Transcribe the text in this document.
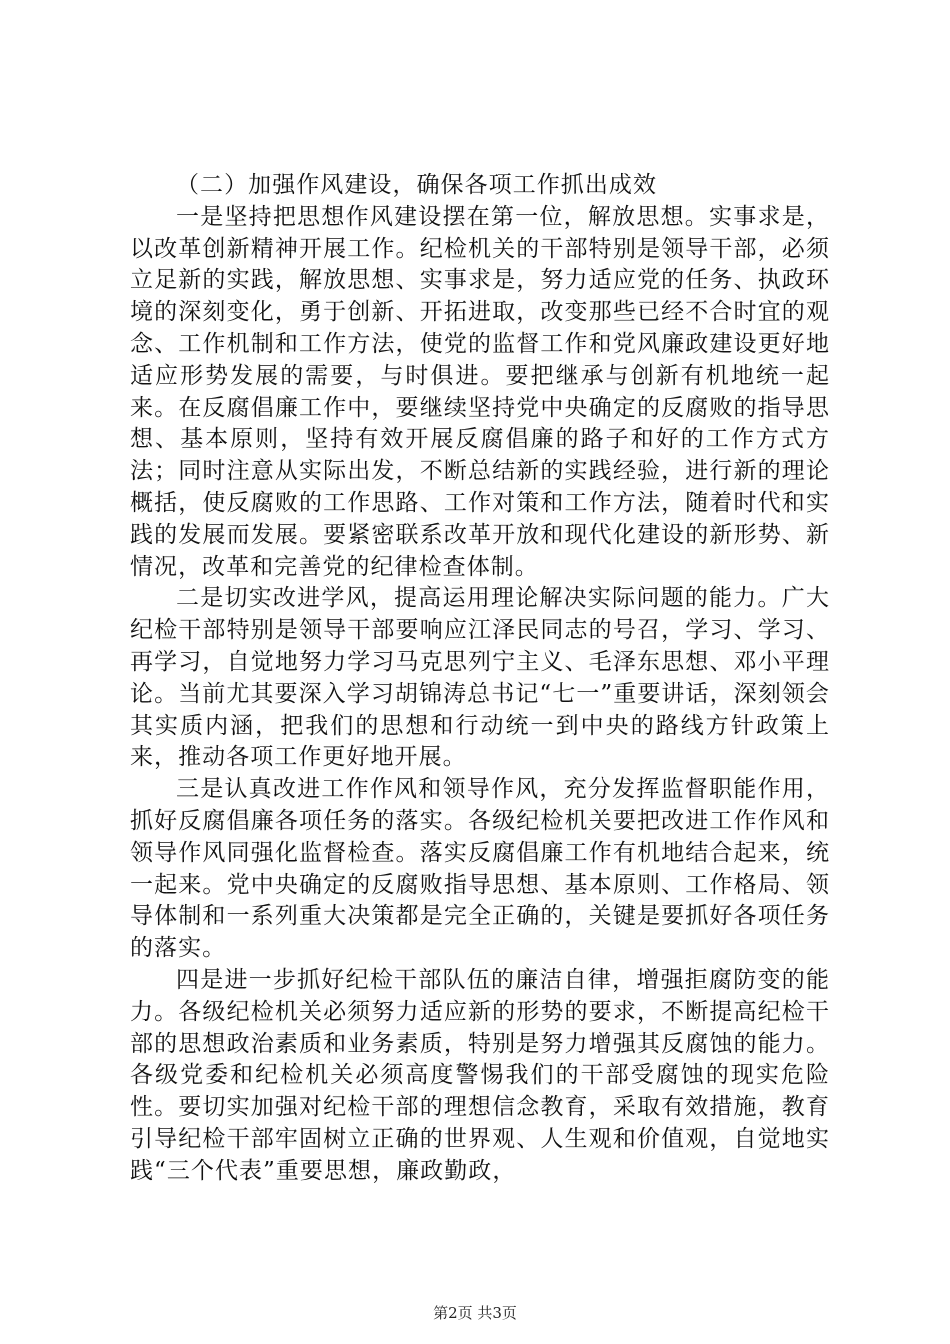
（二）加强作风建设，确保各项工作抓出成效

一是坚持把思想作风建设摆在第一位，解放思想。实事求是，以改革创新精神开展工作。纪检机关的干部特别是领导干部，必须立足新的实践，解放思想、实事求是，努力适应党的任务、执政环境的深刻变化，勇于创新、开拓进取，改变那些已经不合时宜的观念、工作机制和工作方法，使党的监督工作和党风廉政建设更好地适应形势发展的需要，与时俱进。要把继承与创新有机地统一起来。在反腐倡廉工作中，要继续坚持党中央确定的反腐败的指导思想、基本原则，坚持有效开展反腐倡廉的路子和好的工作方式方法；同时注意从实际出发，不断总结新的实践经验，进行新的理论概括，使反腐败的工作思路、工作对策和工作方法，随着时代和实践的发展而发展。要紧密联系改革开放和现代化建设的新形势、新情况，改革和完善党的纪律检查体制。

二是切实改进学风，提高运用理论解决实际问题的能力。广大纪检干部特别是领导干部要响应江泽民同志的号召，学习、学习、再学习，自觉地努力学习马克思列宁主义、毛泽东思想、邓小平理论。当前尤其要深入学习胡锦涛总书记“七一”重要讲话，深刻领会其实质内涵，把我们的思想和行动统一到中央的路线方针政策上来，推动各项工作更好地开展。

三是认真改进工作作风和领导作风，充分发挥监督职能作用，抓好反腐倡廉各项任务的落实。各级纪检机关要把改进工作作风和领导作风同强化监督检查。落实反腐倡廉工作有机地结合起来，统一起来。党中央确定的反腐败指导思想、基本原则、工作格局、领导体制和一系列重大决策都是完全正确的，关键是要抓好各项任务的落实。

四是进一步抓好纪检干部队伍的廉洁自律，增强拒腐防变的能力。各级纪检机关必须努力适应新的形势的要求，不断提高纪检干部的思想政治素质和业务素质，特别是努力增强其反腐蚀的能力。各级党委和纪检机关必须高度警惕我们的干部受腐蚀的现实危险性。要切实加强对纪检干部的理想信念教育，采取有效措施，教育引导纪检干部牢固树立正确的世界观、人生观和价值观，自觉地实践“三个代表”重要思想，廉政勤政，

第2页 共3页
